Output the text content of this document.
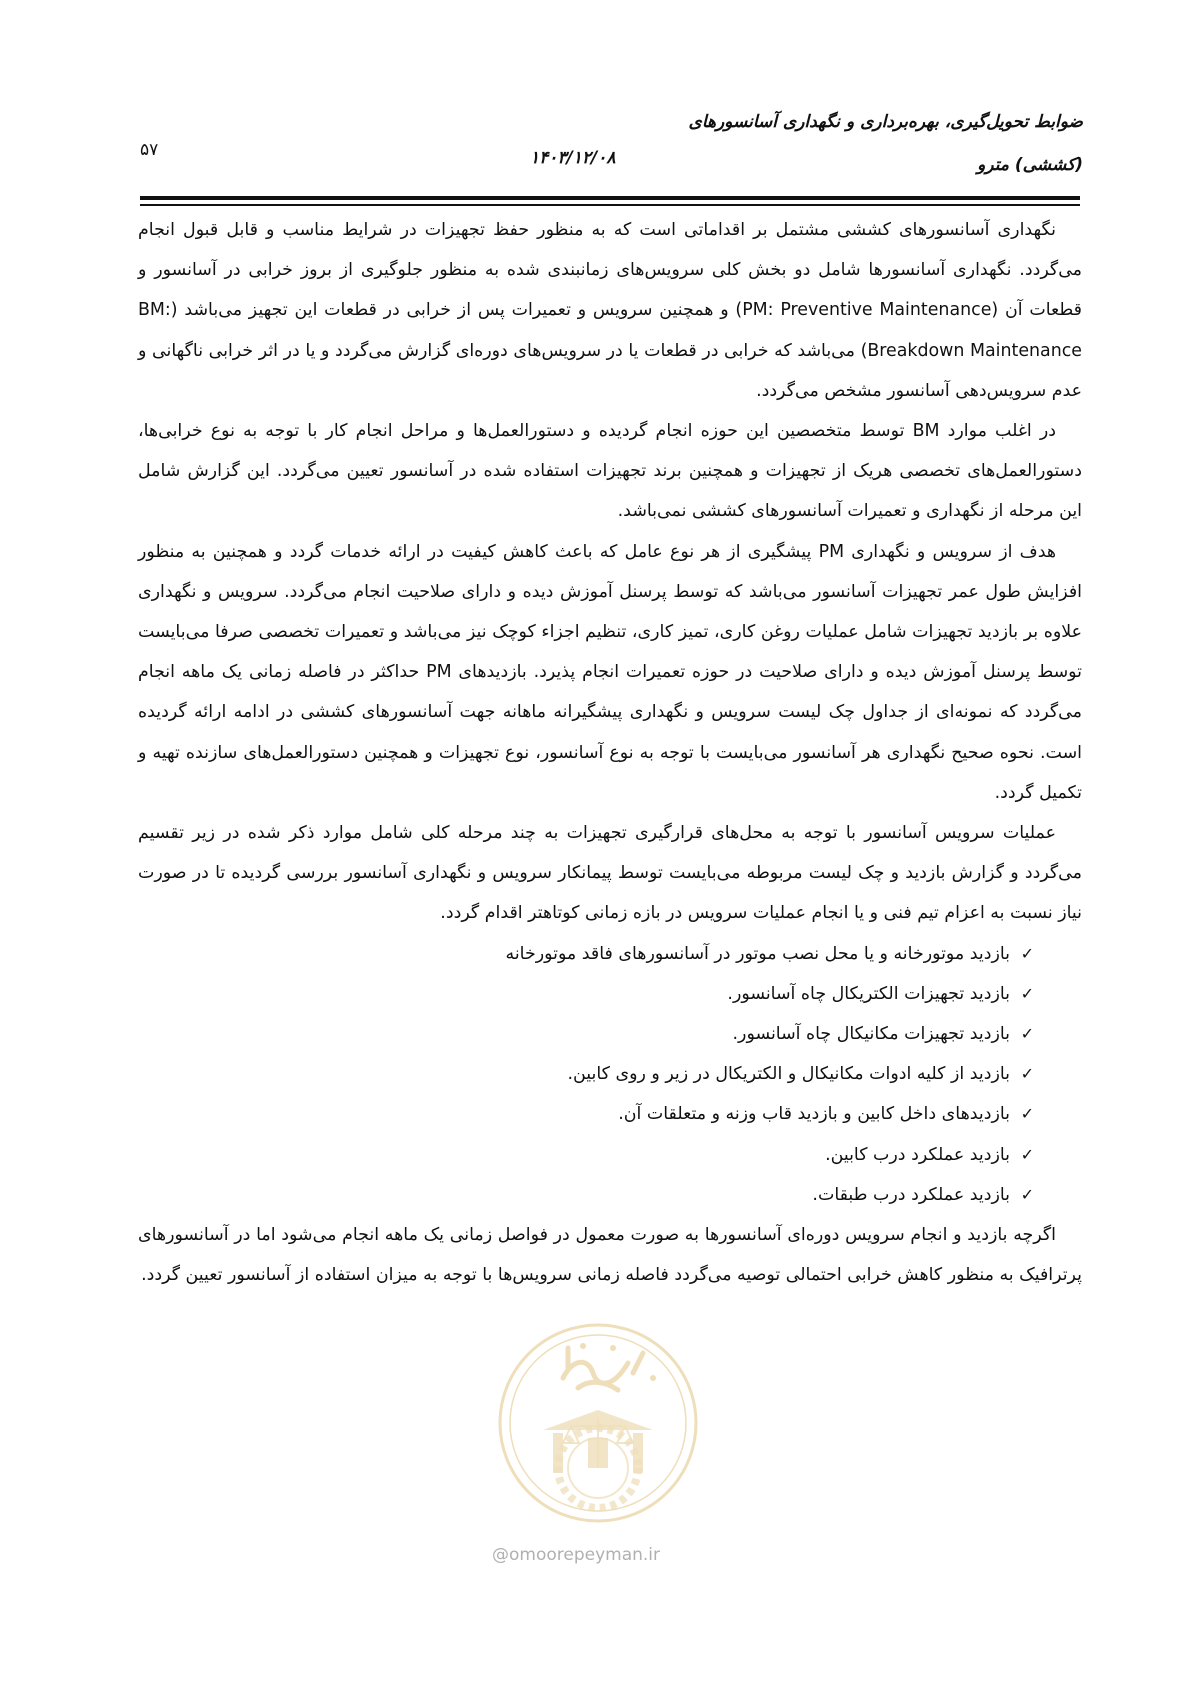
ضوابط تحویل‌گیری، بهره‌برداری و نگهداری آسانسورهای
(کششی) مترو
۱۴۰۳/۱۲/۰۸
۵۷

نگهداری آسانسورهای کششی مشتمل بر اقداماتی است که به منظور حفظ تجهیزات در شرایط مناسب و قابل قبول انجام می‌گردد. نگهداری آسانسورها شامل دو بخش کلی سرویس‌های زمانبندی شده به منظور جلوگیری از بروز خرابی در آسانسور و قطعات آن (PM: Preventive Maintenance) و همچنین سرویس و تعمیرات پس از خرابی در قطعات این تجهیز می‌باشد (BM: Breakdown Maintenance) می‌باشد که خرابی در قطعات یا در سرویس‌های دوره‌ای گزارش می‌گردد و یا در اثر خرابی ناگهانی و عدم سرویس‌دهی آسانسور مشخص می‌گردد.

در اغلب موارد BM توسط متخصصین این حوزه انجام گردیده و دستورالعمل‌ها و مراحل انجام کار با توجه به نوع خرابی‌ها، دستورالعمل‌های تخصصی هریک از تجهیزات و همچنین برند تجهیزات استفاده شده در آسانسور تعیین می‌گردد. این گزارش شامل این مرحله از نگهداری و تعمیرات آسانسورهای کششی نمی‌باشد.

هدف از سرویس و نگهداری PM پیشگیری از هر نوع عامل که باعث کاهش کیفیت در ارائه خدمات گردد و همچنین به منظور افزایش طول عمر تجهیزات آسانسور می‌باشد که توسط پرسنل آموزش دیده و دارای صلاحیت انجام می‌گردد. سرویس و نگهداری علاوه بر بازدید تجهیزات شامل عملیات روغن کاری، تمیز کاری، تنظیم اجزاء کوچک نیز می‌باشد و تعمیرات تخصصی صرفا می‌بایست توسط پرسنل آموزش دیده و دارای صلاحیت در حوزه تعمیرات انجام پذیرد. بازدیدهای PM حداکثر در فاصله زمانی یک ماهه انجام می‌گردد که نمونه‌ای از جداول چک لیست سرویس و نگهداری پیشگیرانه ماهانه جهت آسانسورهای کششی در ادامه ارائه گردیده است. نحوه صحیح نگهداری هر آسانسور می‌بایست با توجه به نوع آسانسور، نوع تجهیزات و همچنین دستورالعمل‌های سازنده تهیه و تکمیل گردد.

عملیات سرویس آسانسور با توجه به محل‌های قرارگیری تجهیزات به چند مرحله کلی شامل موارد ذکر شده در زیر تقسیم می‌گردد و گزارش بازدید و چک لیست مربوطه می‌بایست توسط پیمانکار سرویس و نگهداری آسانسور بررسی گردیده تا در صورت نیاز نسبت به اعزام تیم فنی و یا انجام عملیات سرویس در بازه زمانی کوتاهتر اقدام گردد.

✓
بازدید موتورخانه و یا محل نصب موتور در آسانسورهای فاقد موتورخانه
✓
بازدید تجهیزات الکتریکال چاه آسانسور.
✓
بازدید تجهیزات مکانیکال چاه آسانسور.
✓
بازدید از کلیه ادوات مکانیکال و الکتریکال در زیر و روی کابین.
✓
بازدیدهای داخل کابین و بازدید قاب وزنه و متعلقات آن.
✓
بازدید عملکرد درب کابین.
✓
بازدید عملکرد درب طبقات.

اگرچه بازدید و انجام سرویس دوره‌ای آسانسورها به صورت معمول در فواصل زمانی یک ماهه انجام می‌شود اما در آسانسورهای پرترافیک به منظور کاهش خرابی احتمالی توصیه می‌گردد فاصله زمانی سرویس‌ها با توجه به میزان استفاده از آسانسور تعیین گردد.

@omoorepeyman.ir
